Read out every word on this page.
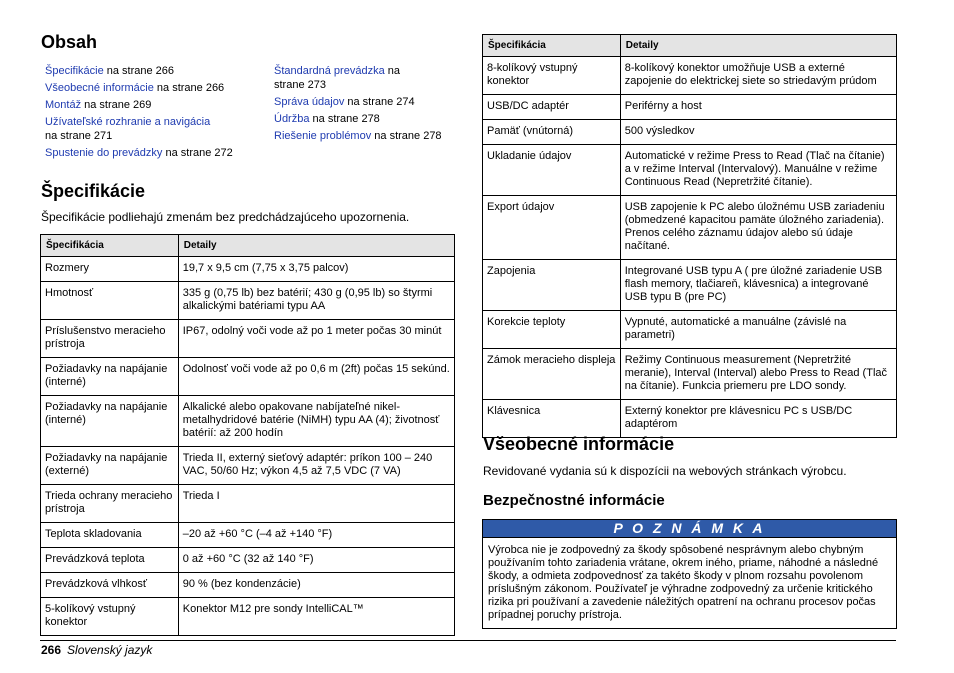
Obsah
Špecifikácie na strane 266
Všeobecné informácie na strane 266
Montáž na strane 269
Užívateľské rozhranie a navigácia na strane 271
Spustenie do prevádzky na strane 272
Štandardná prevádzka na strane 273
Správa údajov na strane 274
Údržba na strane 278
Riešenie problémov na strane 278
Špecifikácie
Špecifikácie podliehajú zmenám bez predchádzajúceho upozornenia.
Špecifikácia	Detaily

Rozmery	19,7 x 9,5 cm (7,75 x 3,75 palcov)

Hmotnosť	335 g (0,75 lb) bez batérií; 430 g (0,95 lb) so štyrmi alkalickými batériami typu AA

Príslušenstvo meracieho prístroja	IP67, odolný voči vode až po 1 meter počas 30 minút

Požiadavky na napájanie (interné)	Odolnosť voči vode až po 0,6 m (2ft) počas 15 sekúnd.

Požiadavky na napájanie (interné)	Alkalické alebo opakovane nabíjateľné nikel-metalhydridové batérie (NiMH) typu AA (4); životnosť batérií: až 200 hodín

Požiadavky na napájanie (externé)	Trieda II, externý sieťový adaptér: príkon 100 – 240 VAC, 50/60 Hz; výkon 4,5 až 7,5 VDC (7 VA)

Trieda ochrany meracieho prístroja	Trieda I

Teplota skladovania	–20 až +60 °C (–4 až +140 °F)

Prevádzková teplota	0 až +60 °C (32 až 140 °F)

Prevádzková vlhkosť	90 % (bez kondenzácie)

5-kolíkový vstupný konektor	Konektor M12 pre sondy IntelliCAL™
Špecifikácia	Detaily

8-kolíkový vstupný konektor	8-kolíkový konektor umožňuje USB a externé zapojenie do elektrickej siete so striedavým prúdom

USB/DC adaptér	Periférny a host

Pamäť (vnútorná)	500 výsledkov

Ukladanie údajov	Automatické v režime Press to Read (Tlač na čítanie) a v režime Interval (Intervalový). Manuálne v režime Continuous Read (Nepretržité čítanie).

Export údajov	USB zapojenie k PC alebo úložnému USB zariadeniu (obmedzené kapacitou pamäte úložného zariadenia). Prenos celého záznamu údajov alebo sú údaje načítané.

Zapojenia	Integrované USB typu A ( pre úložné zariadenie USB flash memory, tlačiareň, klávesnica) a integrované USB typu B (pre PC)

Korekcie teploty	Vypnuté, automatické a manuálne (závislé na parametri)

Zámok meracieho displeja	Režimy Continuous measurement (Nepretržité meranie), Interval (Interval) alebo Press to Read (Tlač na čítanie). Funkcia priemeru pre LDO sondy.

Klávesnica	Externý konektor pre klávesnicu PC s USB/DC adaptérom
Všeobecné informácie
Revidované vydania sú k dispozícii na webových stránkach výrobcu.
Bezpečnostné informácie
P O Z N Á M K A
Výrobca nie je zodpovedný za škody spôsobené nesprávnym alebo chybným používaním tohto zariadenia vrátane, okrem iného, priame, náhodné a následné škody, a odmieta zodpovednosť za takéto škody v plnom rozsahu povolenom príslušným zákonom. Používateľ je výhradne zodpovedný za určenie kritického rizika pri používaní a zavedenie náležitých opatrení na ochranu procesov počas prípadnej poruchy prístroja.
266 Slovenský jazyk
